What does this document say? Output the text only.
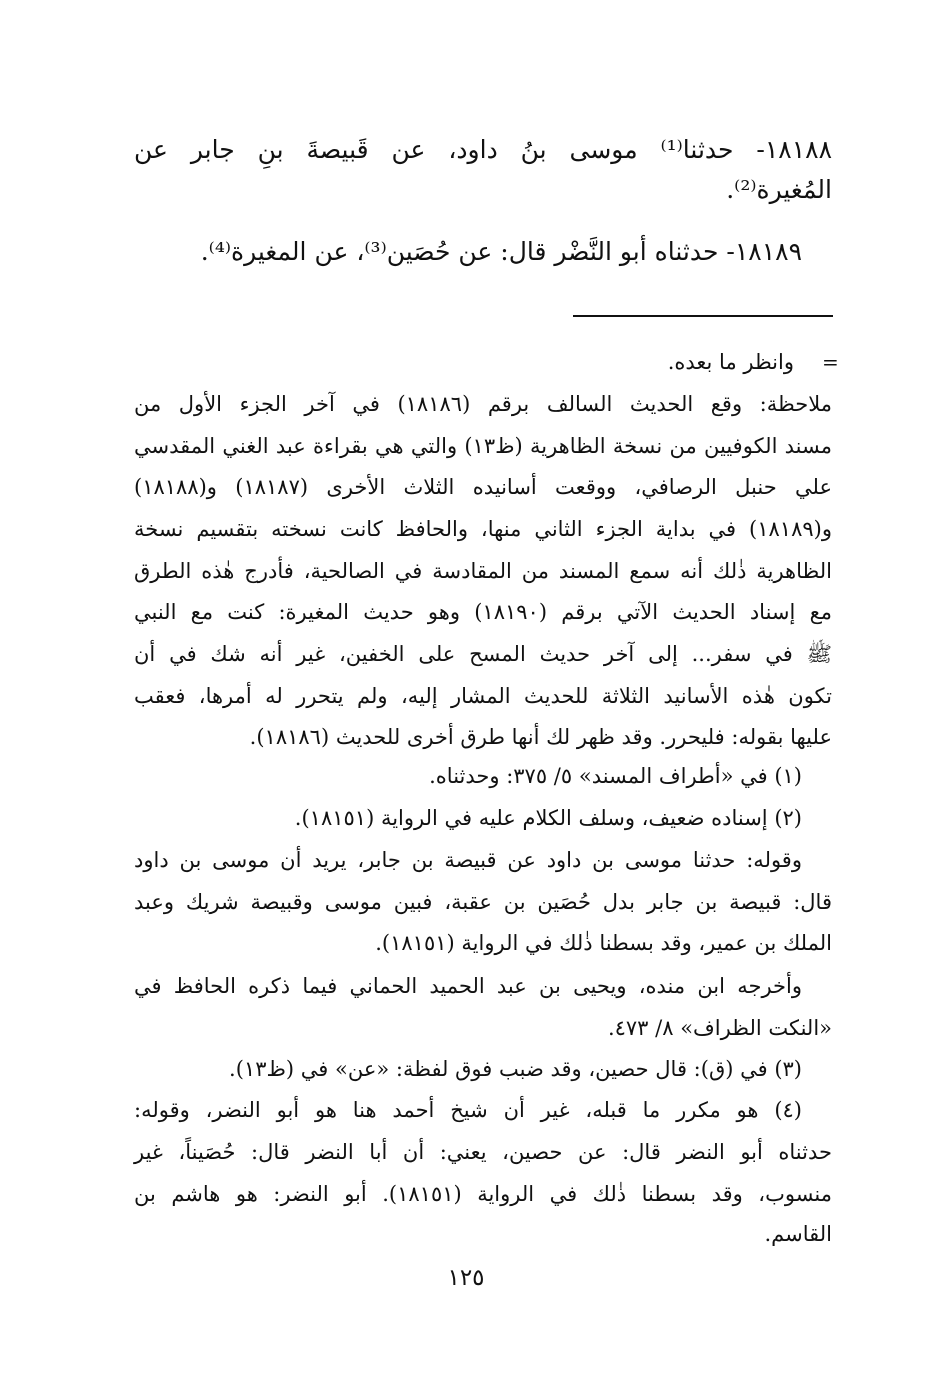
١٨١٨٨- حدثنا⁽¹⁾ موسى بنُ داود، عن قَبيصةَ بنِ جابر عن
المُغيرة⁽²⁾.
١٨١٨٩- حدثناه أبو النَّضْر قال: عن حُصَين⁽³⁾، عن المغيرة⁽⁴⁾.
=
وانظر ما بعده.
ملاحظة: وقع الحديث السالف برقم (١٨١٨٦) في آخر الجزء الأول من
مسند الكوفيين من نسخة الظاهرية (ظ١٣) والتي هي بقراءة عبد الغني المقدسي
علي حنبل الرصافي، ووقعت أسانيده الثلاث الأخرى (١٨١٨٧) و(١٨١٨٨)
و(١٨١٨٩) في بداية الجزء الثاني منها، والحافظ كانت نسخته بتقسيم نسخة
الظاهرية ذٰلك أنه سمع المسند من المقادسة في الصالحية، فأدرج هٰذه الطرق
مع إسناد الحديث الآتي برقم (١٨١٩٠) وهو حديث المغيرة: كنت مع النبي
ﷺ في سفر... إلى آخر حديث المسح على الخفين، غير أنه شك في أن
تكون هٰذه الأسانيد الثلاثة للحديث المشار إليه، ولم يتحرر له أمرها، فعقب
عليها بقوله: فليحرر. وقد ظهر لك أنها طرق أخرى للحديث (١٨١٨٦).
(١) في «أطراف المسند» ٥/ ٣٧٥: وحدثناه.
(٢) إسناده ضعيف، وسلف الكلام عليه في الرواية (١٨١٥١).
وقوله: حدثنا موسى بن داود عن قبيصة بن جابر، يريد أن موسى بن داود
قال: قبيصة بن جابر بدل حُصَين بن عقبة، فبين موسى وقبيصة شريك وعبد
الملك بن عمير، وقد بسطنا ذٰلك في الرواية (١٨١٥١).
وأخرجه ابن منده، ويحيى بن عبد الحميد الحماني فيما ذكره الحافظ في
«النكت الظراف» ٨/ ٤٧٣.
(٣) في (ق): قال حصين، وقد ضبب فوق لفظة: «عن» في (ظ١٣).
(٤) هو مكرر ما قبله، غير أن شيخ أحمد هنا هو أبو النضر، وقوله:
حدثناه أبو النضر قال: عن حصين، يعني: أن أبا النضر قال: حُصَيناً، غير
منسوب، وقد بسطنا ذٰلك في الرواية (١٨١٥١). أبو النضر: هو هاشم بن
القاسم.
١٢٥
